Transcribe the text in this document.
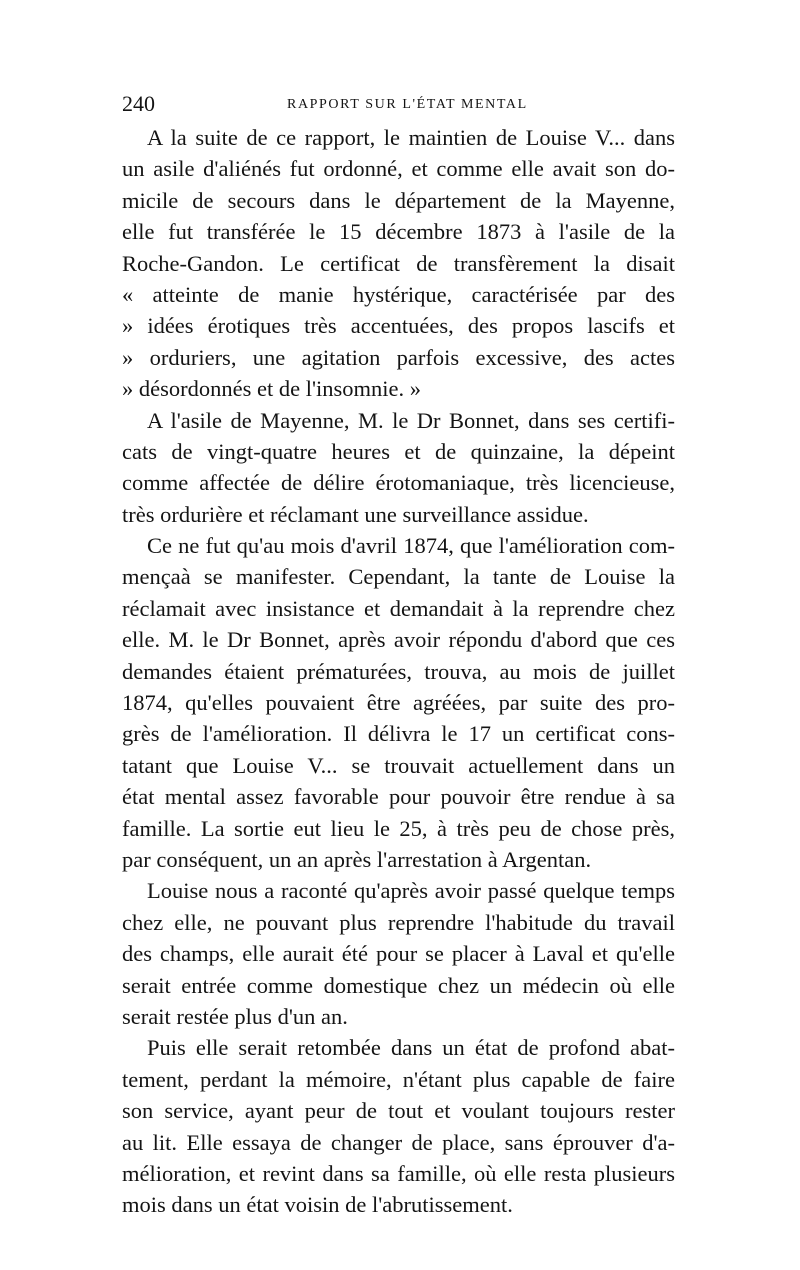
240	RAPPORT SUR L'ÉTAT MENTAL
A la suite de ce rapport, le maintien de Louise V... dans
un asile d'aliénés fut ordonné, et comme elle avait son do-
micile de secours dans le département de la Mayenne,
elle fut transférée le 15 décembre 1873 à l'asile de la
Roche-Gandon. Le certificat de transfèrement la disait
« atteinte de manie hystérique, caractérisée par des
» idées érotiques très accentuées, des propos lascifs et
» orduriers, une agitation parfois excessive, des actes
» désordonnés et de l'insomnie. »
A l'asile de Mayenne, M. le Dr Bonnet, dans ses certifi-
cats de vingt-quatre heures et de quinzaine, la dépeint
comme affectée de délire érotomaniaque, très licencieuse,
très ordurière et réclamant une surveillance assidue.
Ce ne fut qu'au mois d'avril 1874, que l'amélioration com-
mençaà se manifester. Cependant, la tante de Louise la
réclamait avec insistance et demandait à la reprendre chez
elle. M. le Dr Bonnet, après avoir répondu d'abord que ces
demandes étaient prématurées, trouva, au mois de juillet
1874, qu'elles pouvaient être agréées, par suite des pro-
grès de l'amélioration. Il délivra le 17 un certificat cons-
tatant que Louise V... se trouvait actuellement dans un
état mental assez favorable pour pouvoir être rendue à sa
famille. La sortie eut lieu le 25, à très peu de chose près,
par conséquent, un an après l'arrestation à Argentan.
Louise nous a raconté qu'après avoir passé quelque temps
chez elle, ne pouvant plus reprendre l'habitude du travail
des champs, elle aurait été pour se placer à Laval et qu'elle
serait entrée comme domestique chez un médecin où elle
serait restée plus d'un an.
Puis elle serait retombée dans un état de profond abat-
tement, perdant la mémoire, n'étant plus capable de faire
son service, ayant peur de tout et voulant toujours rester
au lit. Elle essaya de changer de place, sans éprouver d'a-
mélioration, et revint dans sa famille, où elle resta plusieurs
mois dans un état voisin de l'abrutissement.
